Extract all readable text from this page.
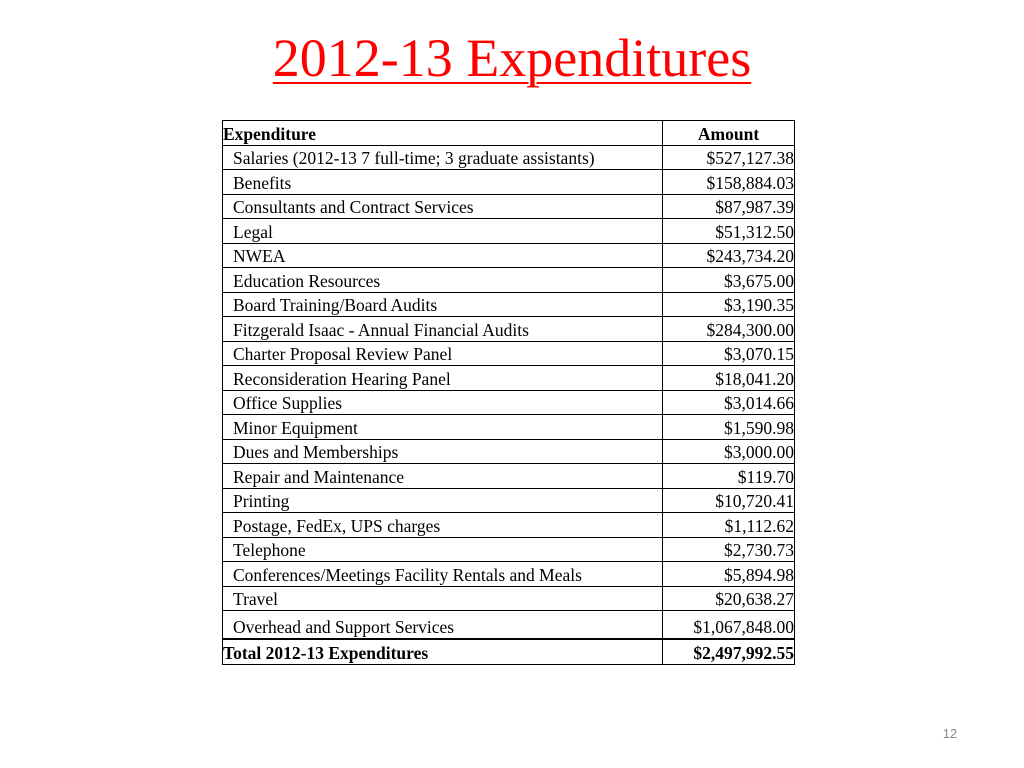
2012-13 Expenditures
Expenditure	Amount
Salaries (2012-13 7 full-time; 3 graduate assistants)	$527,127.38
Benefits	$158,884.03
Consultants and Contract Services	$87,987.39
Legal	$51,312.50
NWEA	$243,734.20
Education Resources	$3,675.00
Board Training/Board Audits	$3,190.35
Fitzgerald Isaac - Annual Financial Audits	$284,300.00
Charter Proposal Review Panel	$3,070.15
Reconsideration Hearing Panel	$18,041.20
Office Supplies	$3,014.66
Minor Equipment	$1,590.98
Dues and Memberships	$3,000.00
Repair and Maintenance	$119.70
Printing	$10,720.41
Postage, FedEx, UPS charges	$1,112.62
Telephone	$2,730.73
Conferences/Meetings Facility Rentals and Meals	$5,894.98
Travel	$20,638.27
Overhead and Support Services	$1,067,848.00
Total 2012-13 Expenditures	$2,497,992.55
12
